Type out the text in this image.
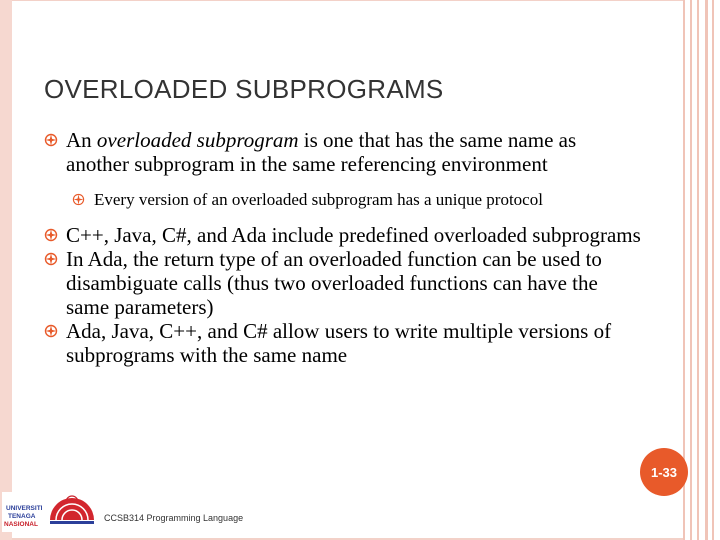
OVERLOADED SUBPROGRAMS
An overloaded subprogram is one that has the same name as another subprogram in the same referencing environment
Every version of an overloaded subprogram has a unique protocol
C++, Java, C#, and Ada include predefined overloaded subprograms
In Ada, the return type of an overloaded function can be used to disambiguate calls (thus two overloaded functions can have the same parameters)
Ada, Java, C++, and C# allow users to write multiple versions of subprograms with the same name
1-33
UNIVERSITI
TENAGA
NASIONAL
CCSB314 Programming Language
